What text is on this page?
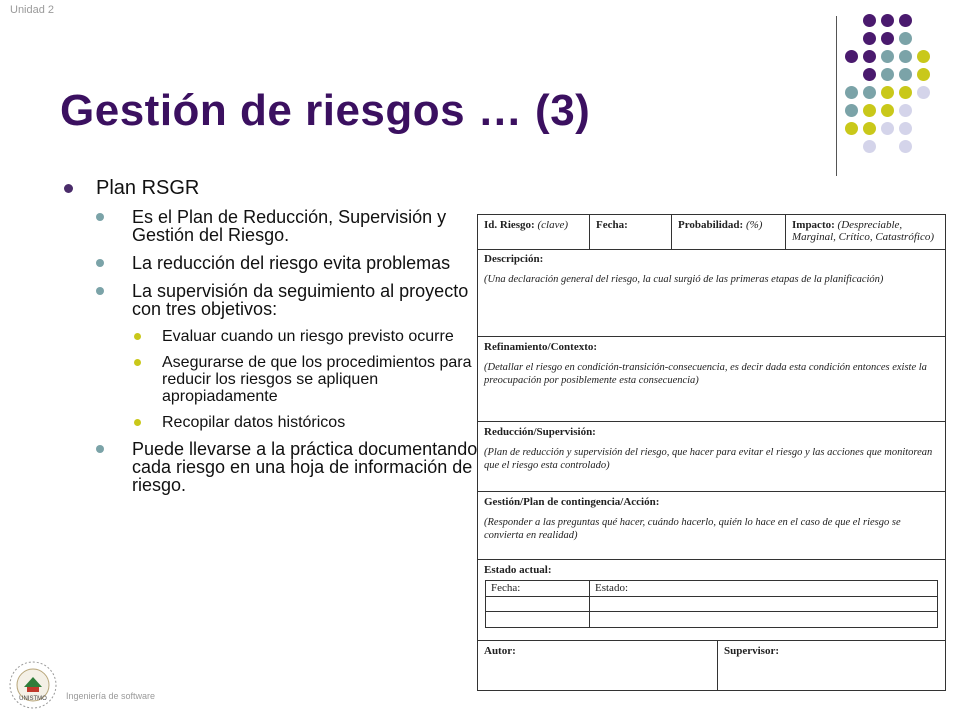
Unidad 2
Gestión de riesgos … (3)
Plan RSGR
Es el Plan de Reducción, Supervisión y Gestión del Riesgo.
La reducción del riesgo evita problemas
La supervisión da seguimiento al proyecto con tres objetivos:
Evaluar cuando un riesgo previsto ocurre
Asegurarse de que los procedimientos para reducir los riesgos se apliquen apropiadamente
Recopilar datos históricos
Puede llevarse a la práctica documentando cada riesgo en una hoja de información de riesgo.
Id. Riesgo: (clave)	Fecha:	Probabilidad: (%)	Impacto: (Despreciable, Marginal, Crítico, Catastrófico)
Descripción:
(Una declaración general del riesgo, la cual surgió de las primeras etapas de la planificación)
Refinamiento/Contexto:
(Detallar el riesgo en condición-transición-consecuencia, es decir dada esta condición entonces existe la preocupación por posiblemente esta consecuencia)
Reducción/Supervisión:
(Plan de reducción y supervisión del riesgo, que hacer para evitar el riesgo y las acciones que monitorean que el riesgo esta controlado)
Gestión/Plan de contingencia/Acción:
(Responder a las preguntas qué hacer, cuándo hacerlo, quién lo hace en el caso de que el riesgo se convierta en realidad)
Estado actual:
Fecha:	Estado:
Autor:	Supervisor:
UNISTMO Ingeniería de software
